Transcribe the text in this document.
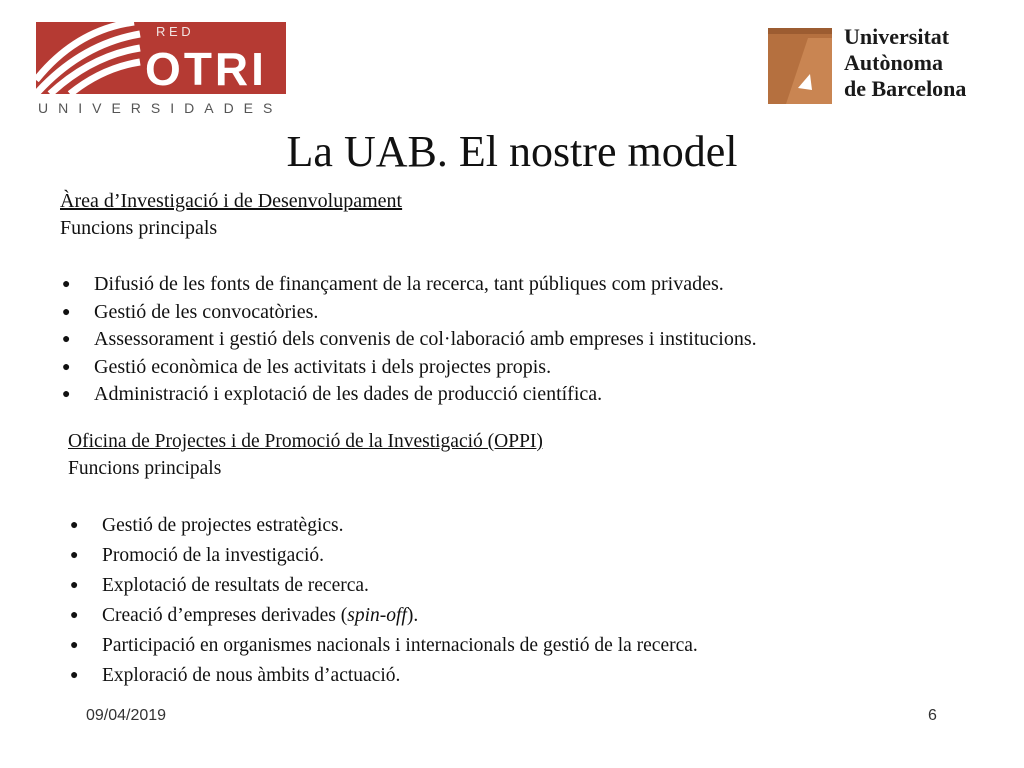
R E D
OTRI
UNIVERSIDADES
Universitat
Autònoma
de Barcelona
La UAB. El nostre model
Àrea d’Investigació i de Desenvolupament
Funcions principals
● Difusió de les fonts de finançament de la recerca, tant públiques com privades.
● Gestió de les convocatòries.
● Assessorament i gestió dels convenis de col·laboració amb empreses i institucions.
● Gestió econòmica de les activitats i dels projectes propis.
● Administració i explotació de les dades de producció científica.
Oficina de Projectes i de Promoció de la Investigació (OPPI)
Funcions principals
● Gestió de projectes estratègics.
● Promoció de la investigació.
● Explotació de resultats de recerca.
● Creació d’empreses derivades (spin-off).
● Participació en organismes nacionals i internacionals de gestió de la recerca.
● Exploració de nous àmbits d’actuació.
09/04/2019	6
